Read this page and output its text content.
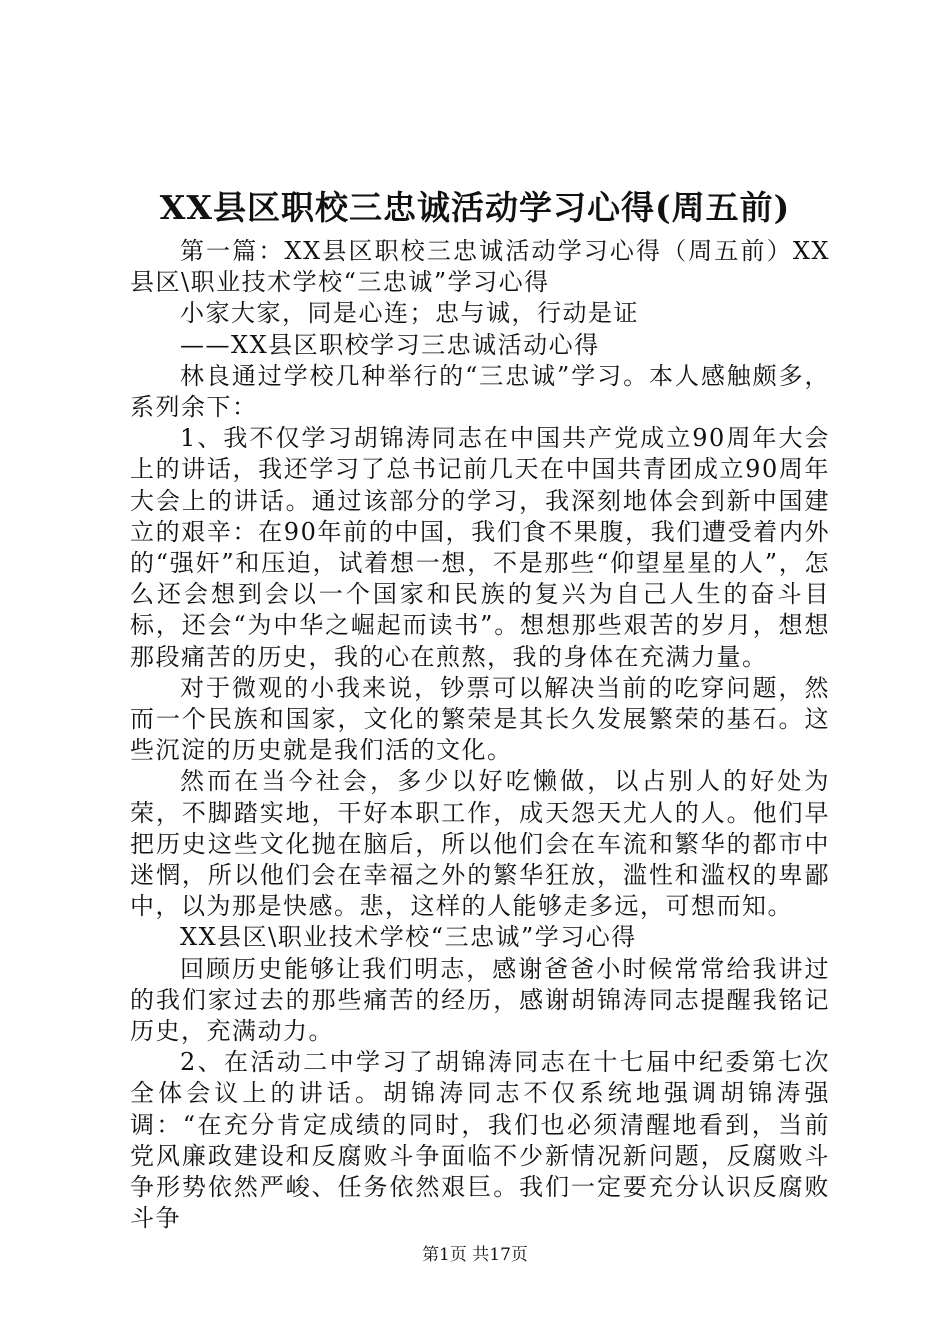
XX县区职校三忠诚活动学习心得(周五前)

第一篇：XX县区职校三忠诚活动学习心得（周五前）XX县区\职业技术学校“三忠诚”学习心得

小家大家，同是心连；忠与诚，行动是证

——XX县区职校学习三忠诚活动心得

林良通过学校几种举行的“三忠诚”学习。本人感触颇多，系列余下：

1、我不仅学习胡锦涛同志在中国共产党成立90周年大会上的讲话，我还学习了总书记前几天在中国共青团成立90周年大会上的讲话。通过该部分的学习，我深刻地体会到新中国建立的艰辛：在90年前的中国，我们食不果腹，我们遭受着内外的“强奸”和压迫，试着想一想，不是那些“仰望星星的人”，怎么还会想到会以一个国家和民族的复兴为自己人生的奋斗目标，还会“为中华之崛起而读书”。想想那些艰苦的岁月，想想那段痛苦的历史，我的心在煎熬，我的身体在充满力量。

对于微观的小我来说，钞票可以解决当前的吃穿问题，然而一个民族和国家，文化的繁荣是其长久发展繁荣的基石。这些沉淀的历史就是我们活的文化。

然而在当今社会，多少以好吃懒做，以占别人的好处为荣，不脚踏实地，干好本职工作，成天怨天尤人的人。他们早把历史这些文化抛在脑后，所以他们会在车流和繁华的都市中迷惘，所以他们会在幸福之外的繁华狂放，滥性和滥权的卑鄙中，以为那是快感。悲，这样的人能够走多远，可想而知。

XX县区\职业技术学校“三忠诚”学习心得

回顾历史能够让我们明志，感谢爸爸小时候常常给我讲过的我们家过去的那些痛苦的经历，感谢胡锦涛同志提醒我铭记历史，充满动力。

2、在活动二中学习了胡锦涛同志在十七届中纪委第七次全体会议上的讲话。胡锦涛同志不仅系统地强调胡锦涛强调：“在充分肯定成绩的同时，我们也必须清醒地看到，当前党风廉政建设和反腐败斗争面临不少新情况新问题，反腐败斗争形势依然严峻、任务依然艰巨。我们一定要充分认识反腐败斗争

第1页 共17页
